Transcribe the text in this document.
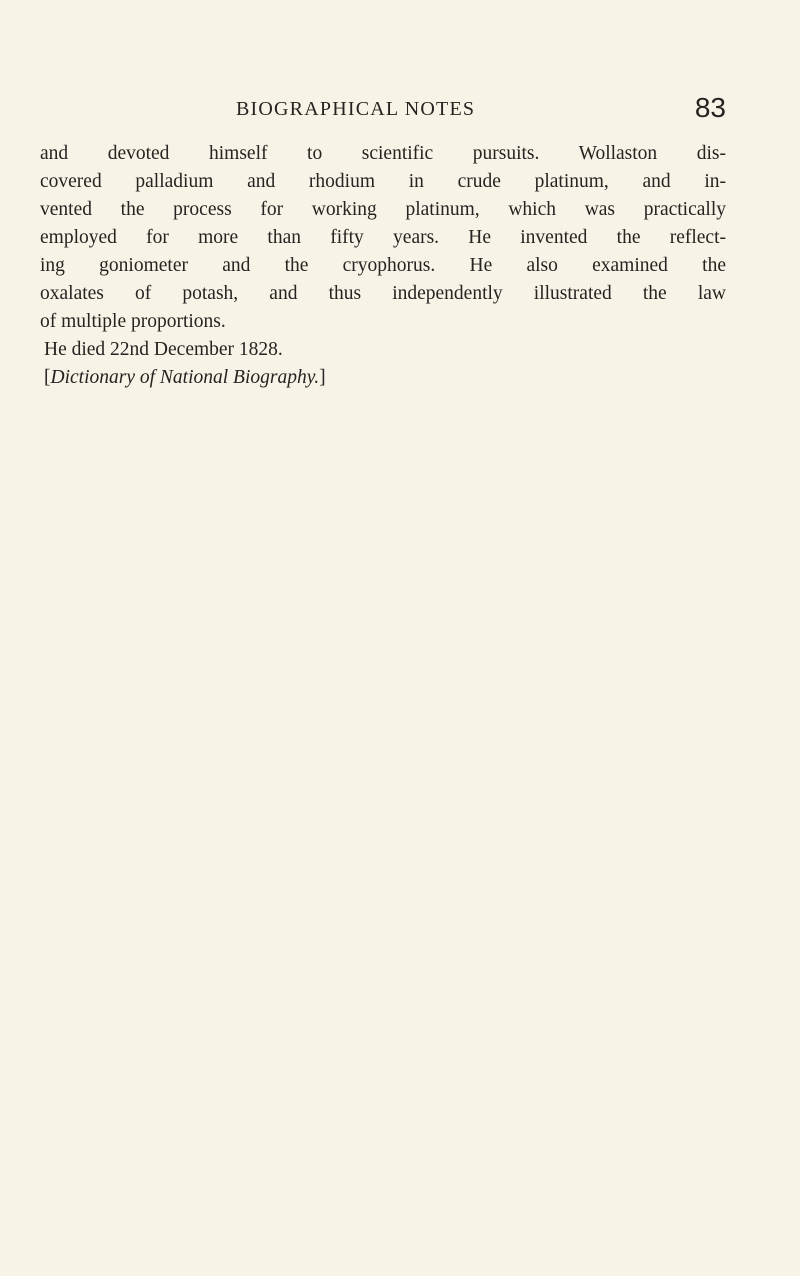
BIOGRAPHICAL NOTES	83
and devoted himself to scientific pursuits. Wollaston dis-
covered palladium and rhodium in crude platinum, and in-
vented the process for working platinum, which was practically
employed for more than fifty years. He invented the reflect-
ing goniometer and the cryophorus. He also examined the
oxalates of potash, and thus independently illustrated the law
of multiple proportions.
He died 22nd December 1828.
[Dictionary of National Biography.]
